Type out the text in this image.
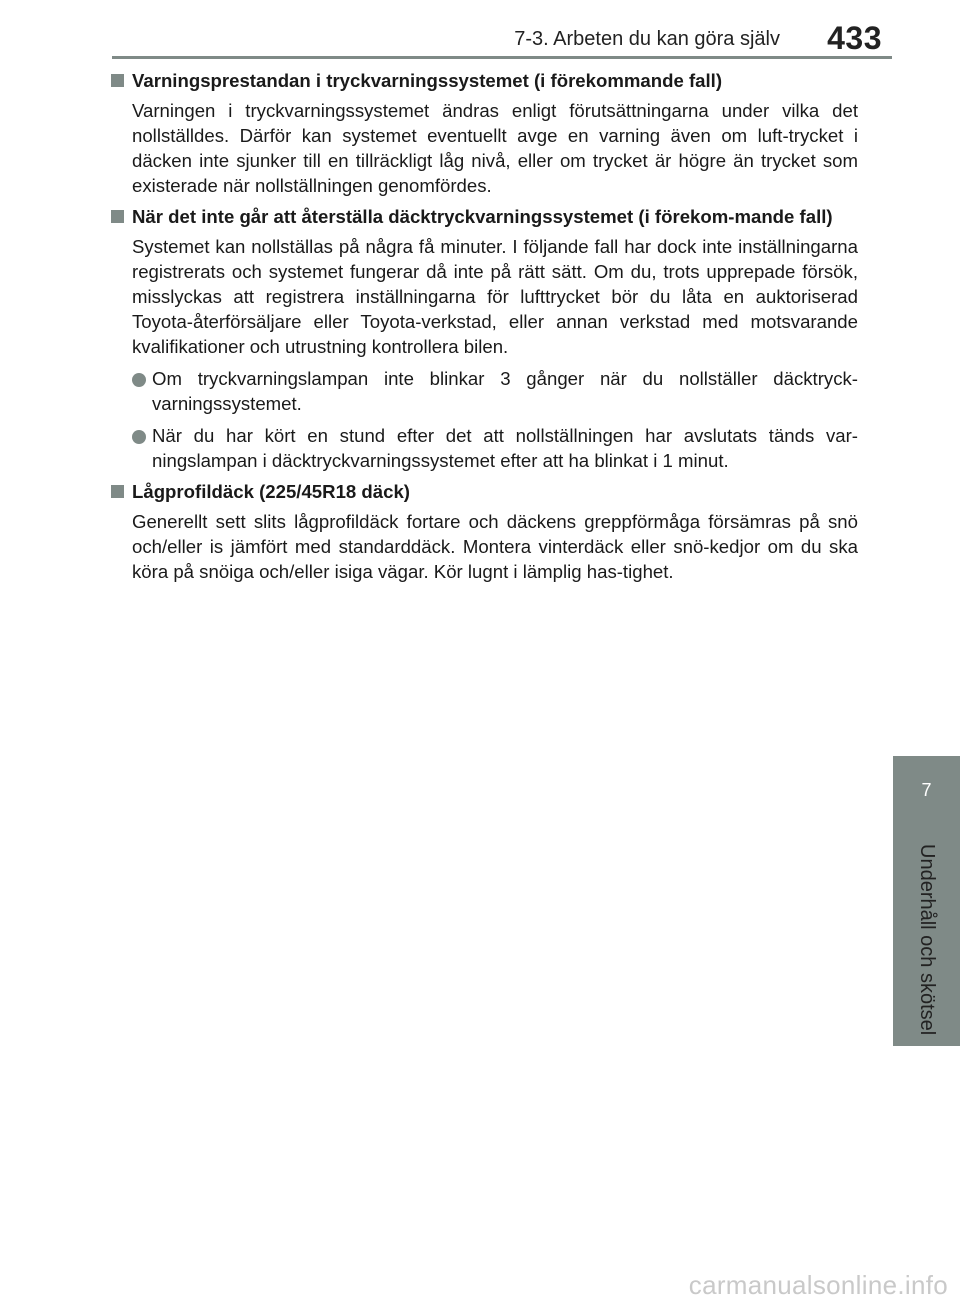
7-3. Arbeten du kan göra själv 433
7
Underhåll och skötsel
Varningsprestandan i tryckvarningssystemet (i förekommande fall)
Varningen i tryckvarningssystemet ändras enligt förutsättningarna under vilka det nollställdes. Därför kan systemet eventuellt avge en varning även om luft-trycket i däcken inte sjunker till en tillräckligt låg nivå, eller om trycket är högre än trycket som existerade när nollställningen genomfördes.
När det inte går att återställa däcktryckvarningssystemet (i förekom-mande fall)
Systemet kan nollställas på några få minuter. I följande fall har dock inte inställningarna registrerats och systemet fungerar då inte på rätt sätt. Om du, trots upprepade försök, misslyckas att registrera inställningarna för lufttrycket bör du låta en auktoriserad Toyota-återförsäljare eller Toyota-verkstad, eller annan verkstad med motsvarande kvalifikationer och utrustning kontrollera bilen.
Om tryckvarningslampan inte blinkar 3 gånger när du nollställer däcktryck-varningssystemet.
När du har kört en stund efter det att nollställningen har avslutats tänds var-ningslampan i däcktryckvarningssystemet efter att ha blinkat i 1 minut.
Lågprofildäck (225/45R18 däck)
Generellt sett slits lågprofildäck fortare och däckens greppförmåga försämras på snö och/eller is jämfört med standarddäck. Montera vinterdäck eller snö-kedjor om du ska köra på snöiga och/eller isiga vägar. Kör lugnt i lämplig has-tighet.
carmanualsonline.info
